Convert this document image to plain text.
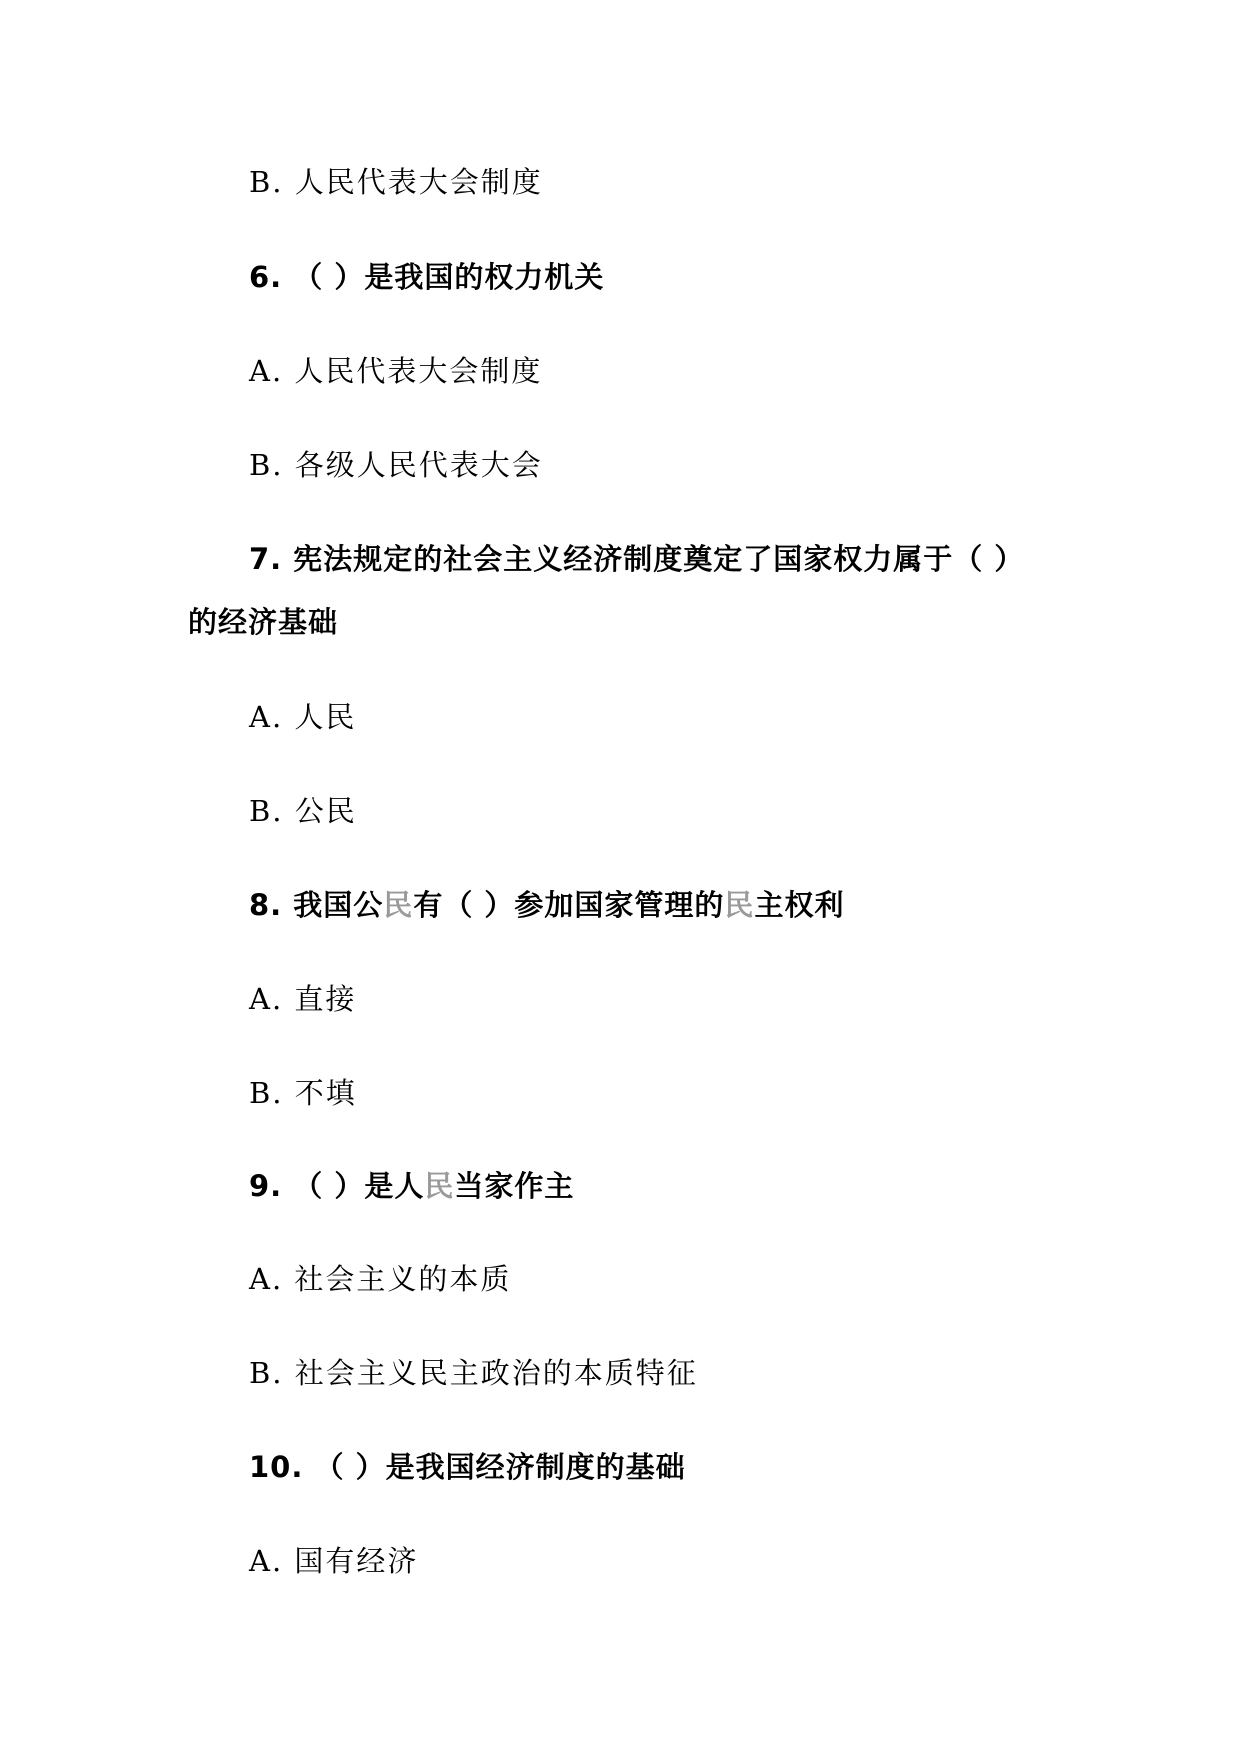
B. 人民代表大会制度
6. （ ）是我国的权力机关
A. 人民代表大会制度
B. 各级人民代表大会
7. 宪法规定的社会主义经济制度奠定了国家权力属于（ ）
的经济基础
A. 人民
B. 公民
8. 我国公民有（ ）参加国家管理的民主权利
A. 直接
B. 不填
9. （ ）是人民当家作主
A. 社会主义的本质
B. 社会主义民主政治的本质特征
10. （ ）是我国经济制度的基础
A. 国有经济
